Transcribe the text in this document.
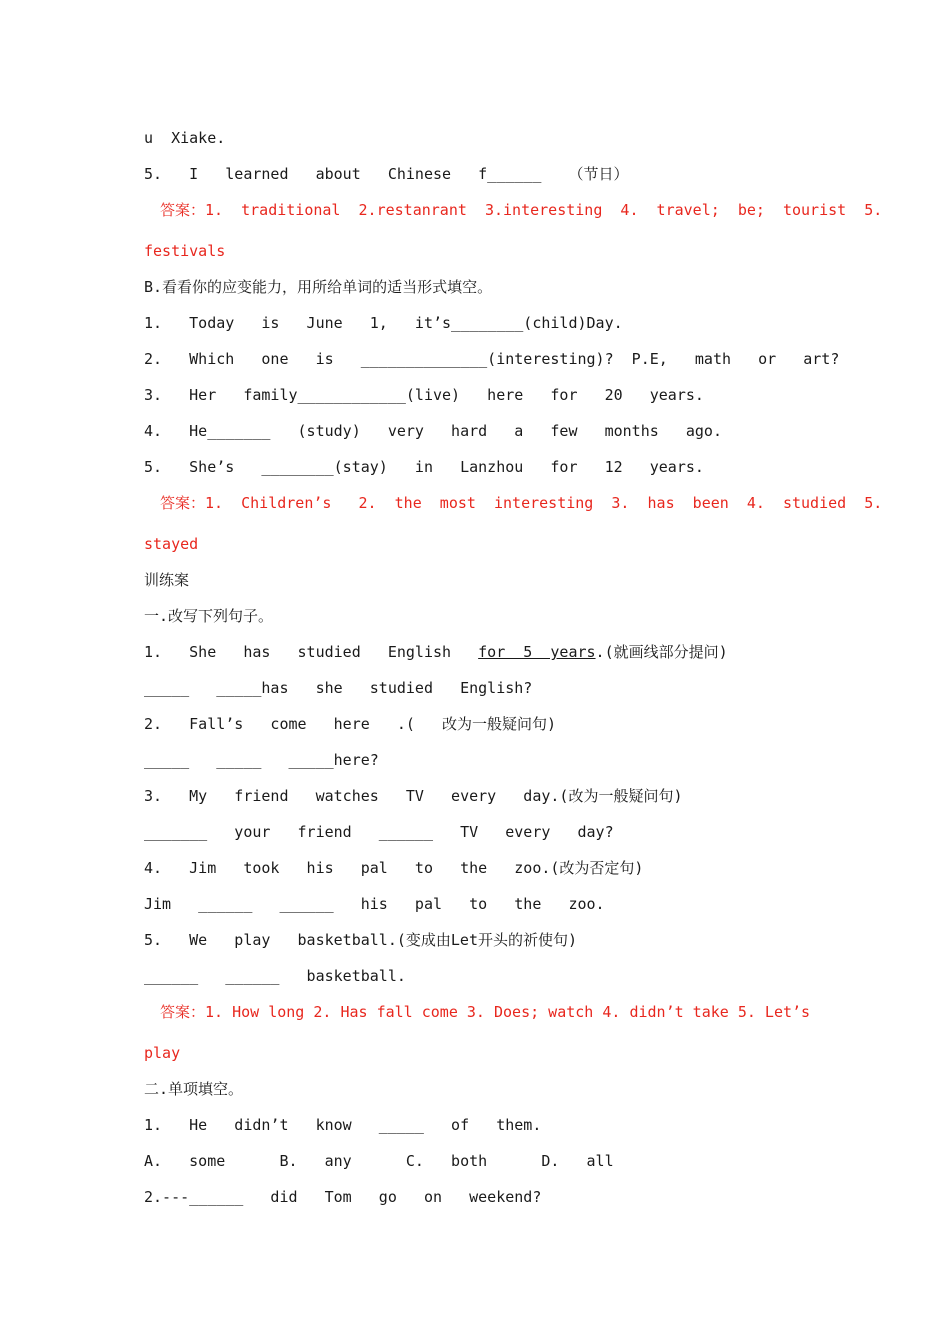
u  Xiake.
5.   I   learned   about   Chinese   f______   （节日）
答案：1.  traditional  2.restanrant  3.interesting  4.  travel;  be;  tourist  5.
festivals
B.看看你的应变能力，用所给单词的适当形式填空。
1.   Today   is   June   1,   it’s________(child)Day.
2.   Which   one   is   ______________(interesting)?  P.E,   math   or   art?
3.   Her   family____________(live)   here   for   20   years.
4.   He_______   (study)   very   hard   a   few   months   ago.
5.   She’s   ________(stay)   in   Lanzhou   for   12   years.
答案：1.  Children’s   2.  the  most  interesting  3.  has  been  4.  studied  5.
stayed
训练案
一.改写下列句子。
1.   She   has   studied   English   for  5  years.(就画线部分提问)
_____   _____has   she   studied   English?
2.   Fall’s   come   here   .(   改为一般疑问句)
_____   _____   _____here?
3.   My   friend   watches   TV   every   day.(改为一般疑问句)
_______   your   friend   ______   TV   every   day?
4.   Jim   took   his   pal   to   the   zoo.(改为否定句)
Jim   ______   ______   his   pal   to   the   zoo.
5.   We   play   basketball.(变成由Let开头的祈使句)
______   ______   basketball.
答案：1. How long 2. Has fall come 3. Does; watch 4. didn’t take 5. Let’s
play
二.单项填空。
1.   He   didn’t   know   _____   of   them.
A.   some      B.   any      C.   both      D.   all
2.---______   did   Tom   go   on   weekend?
